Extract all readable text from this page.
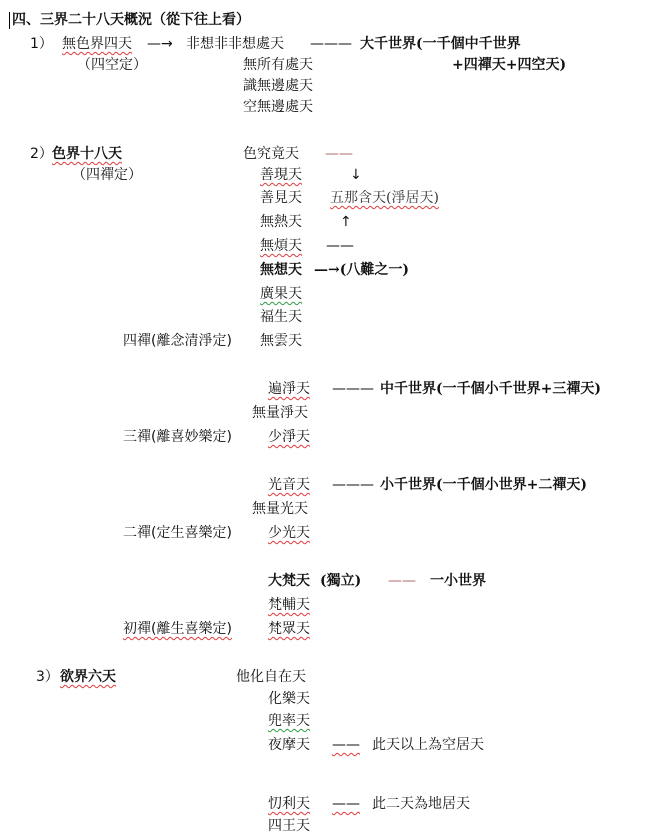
四、三界二十八天概況（從下往上看）
1） 無色界四天 —→ 非想非非想處天 ——— 大千世界(一千個中千世界
（四空定）	無所有處天	+四禪天+四空天)
識無邊處天
空無邊處天
2） 色界十八天	色究竟天 ——
（四禪定）	善現天	↓
善見天 五那含天(淨居天)
無熱天	↑
無煩天 ——
無想天 —→(八難之一)
廣果天
福生天
四禪(離念清淨定) 無雲天
遍淨天 ——— 中千世界(一千個小千世界+三禪天)
無量淨天
三禪(離喜妙樂定)	少淨天
光音天 ——— 小千世界(一千個小世界+二禪天)
無量光天
二禪(定生喜樂定)	少光天
大梵天 (獨立) —— 一小世界
梵輔天
初禪(離生喜樂定)	梵眾天
3） 欲界六天	他化自在天
化樂天
兜率天
夜摩天 —— 此天以上為空居天
忉利天 —— 此二天為地居天
四王天
